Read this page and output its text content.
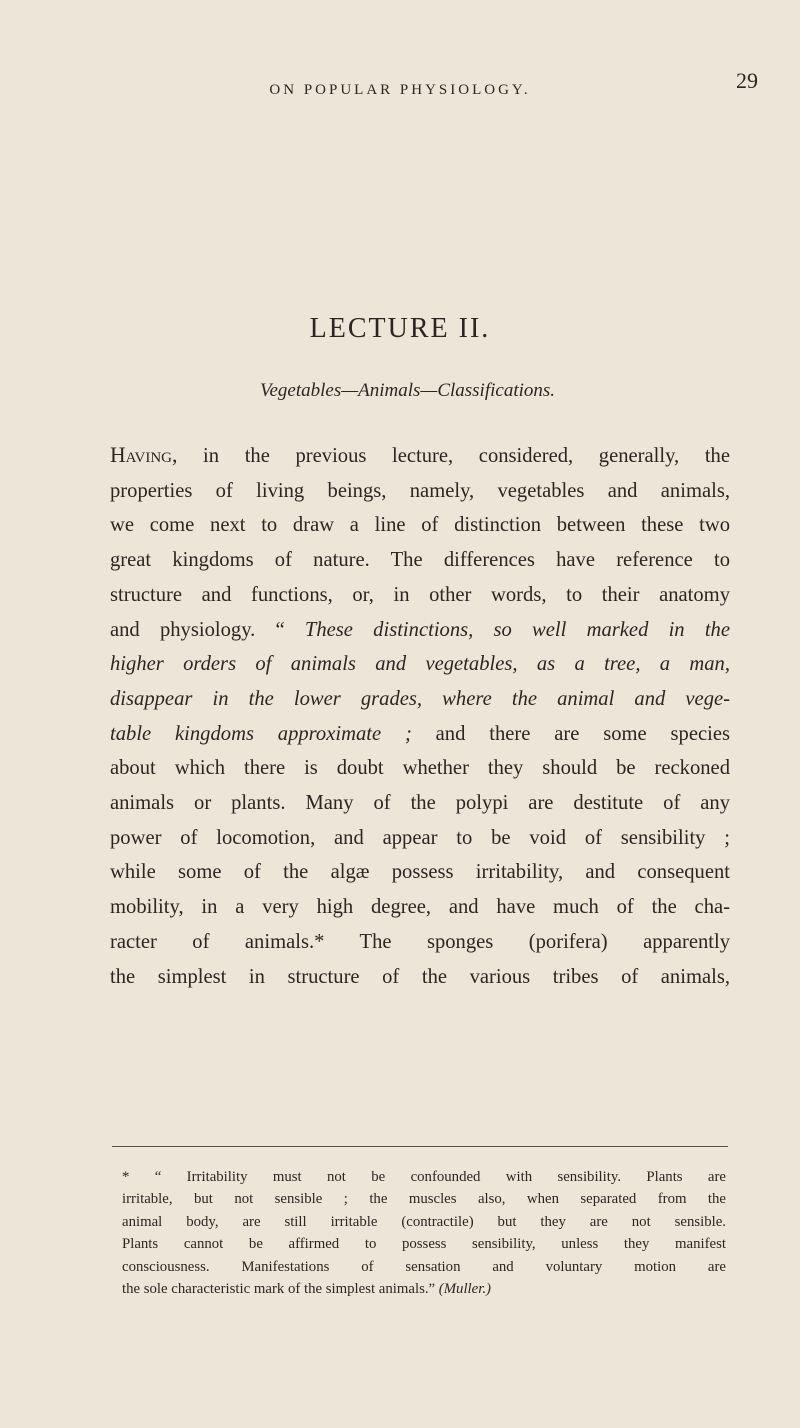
ON POPULAR PHYSIOLOGY.	29
LECTURE II.
Vegetables—Animals—Classifications.
Having, in the previous lecture, considered, generally, the
properties of living beings, namely, vegetables and animals,
we come next to draw a line of distinction between these two
great kingdoms of nature. The differences have reference to
structure and functions, or, in other words, to their anatomy
and physiology. “ These distinctions, so well marked in the
higher orders of animals and vegetables, as a tree, a man,
disappear in the lower grades, where the animal and vege-
table kingdoms approximate ; and there are some species
about which there is doubt whether they should be reckoned
animals or plants. Many of the polypi are destitute of any
power of locomotion, and appear to be void of sensibility ;
while some of the algæ possess irritability, and consequent
mobility, in a very high degree, and have much of the cha-
racter of animals.* The sponges (porifera) apparently
the simplest in structure of the various tribes of animals,
* “ Irritability must not be confounded with sensibility. Plants are
irritable, but not sensible ; the muscles also, when separated from the
animal body, are still irritable (contractile) but they are not sensible.
Plants cannot be affirmed to possess sensibility, unless they manifest
consciousness. Manifestations of sensation and voluntary motion are
the sole characteristic mark of the simplest animals.” (Muller.)
